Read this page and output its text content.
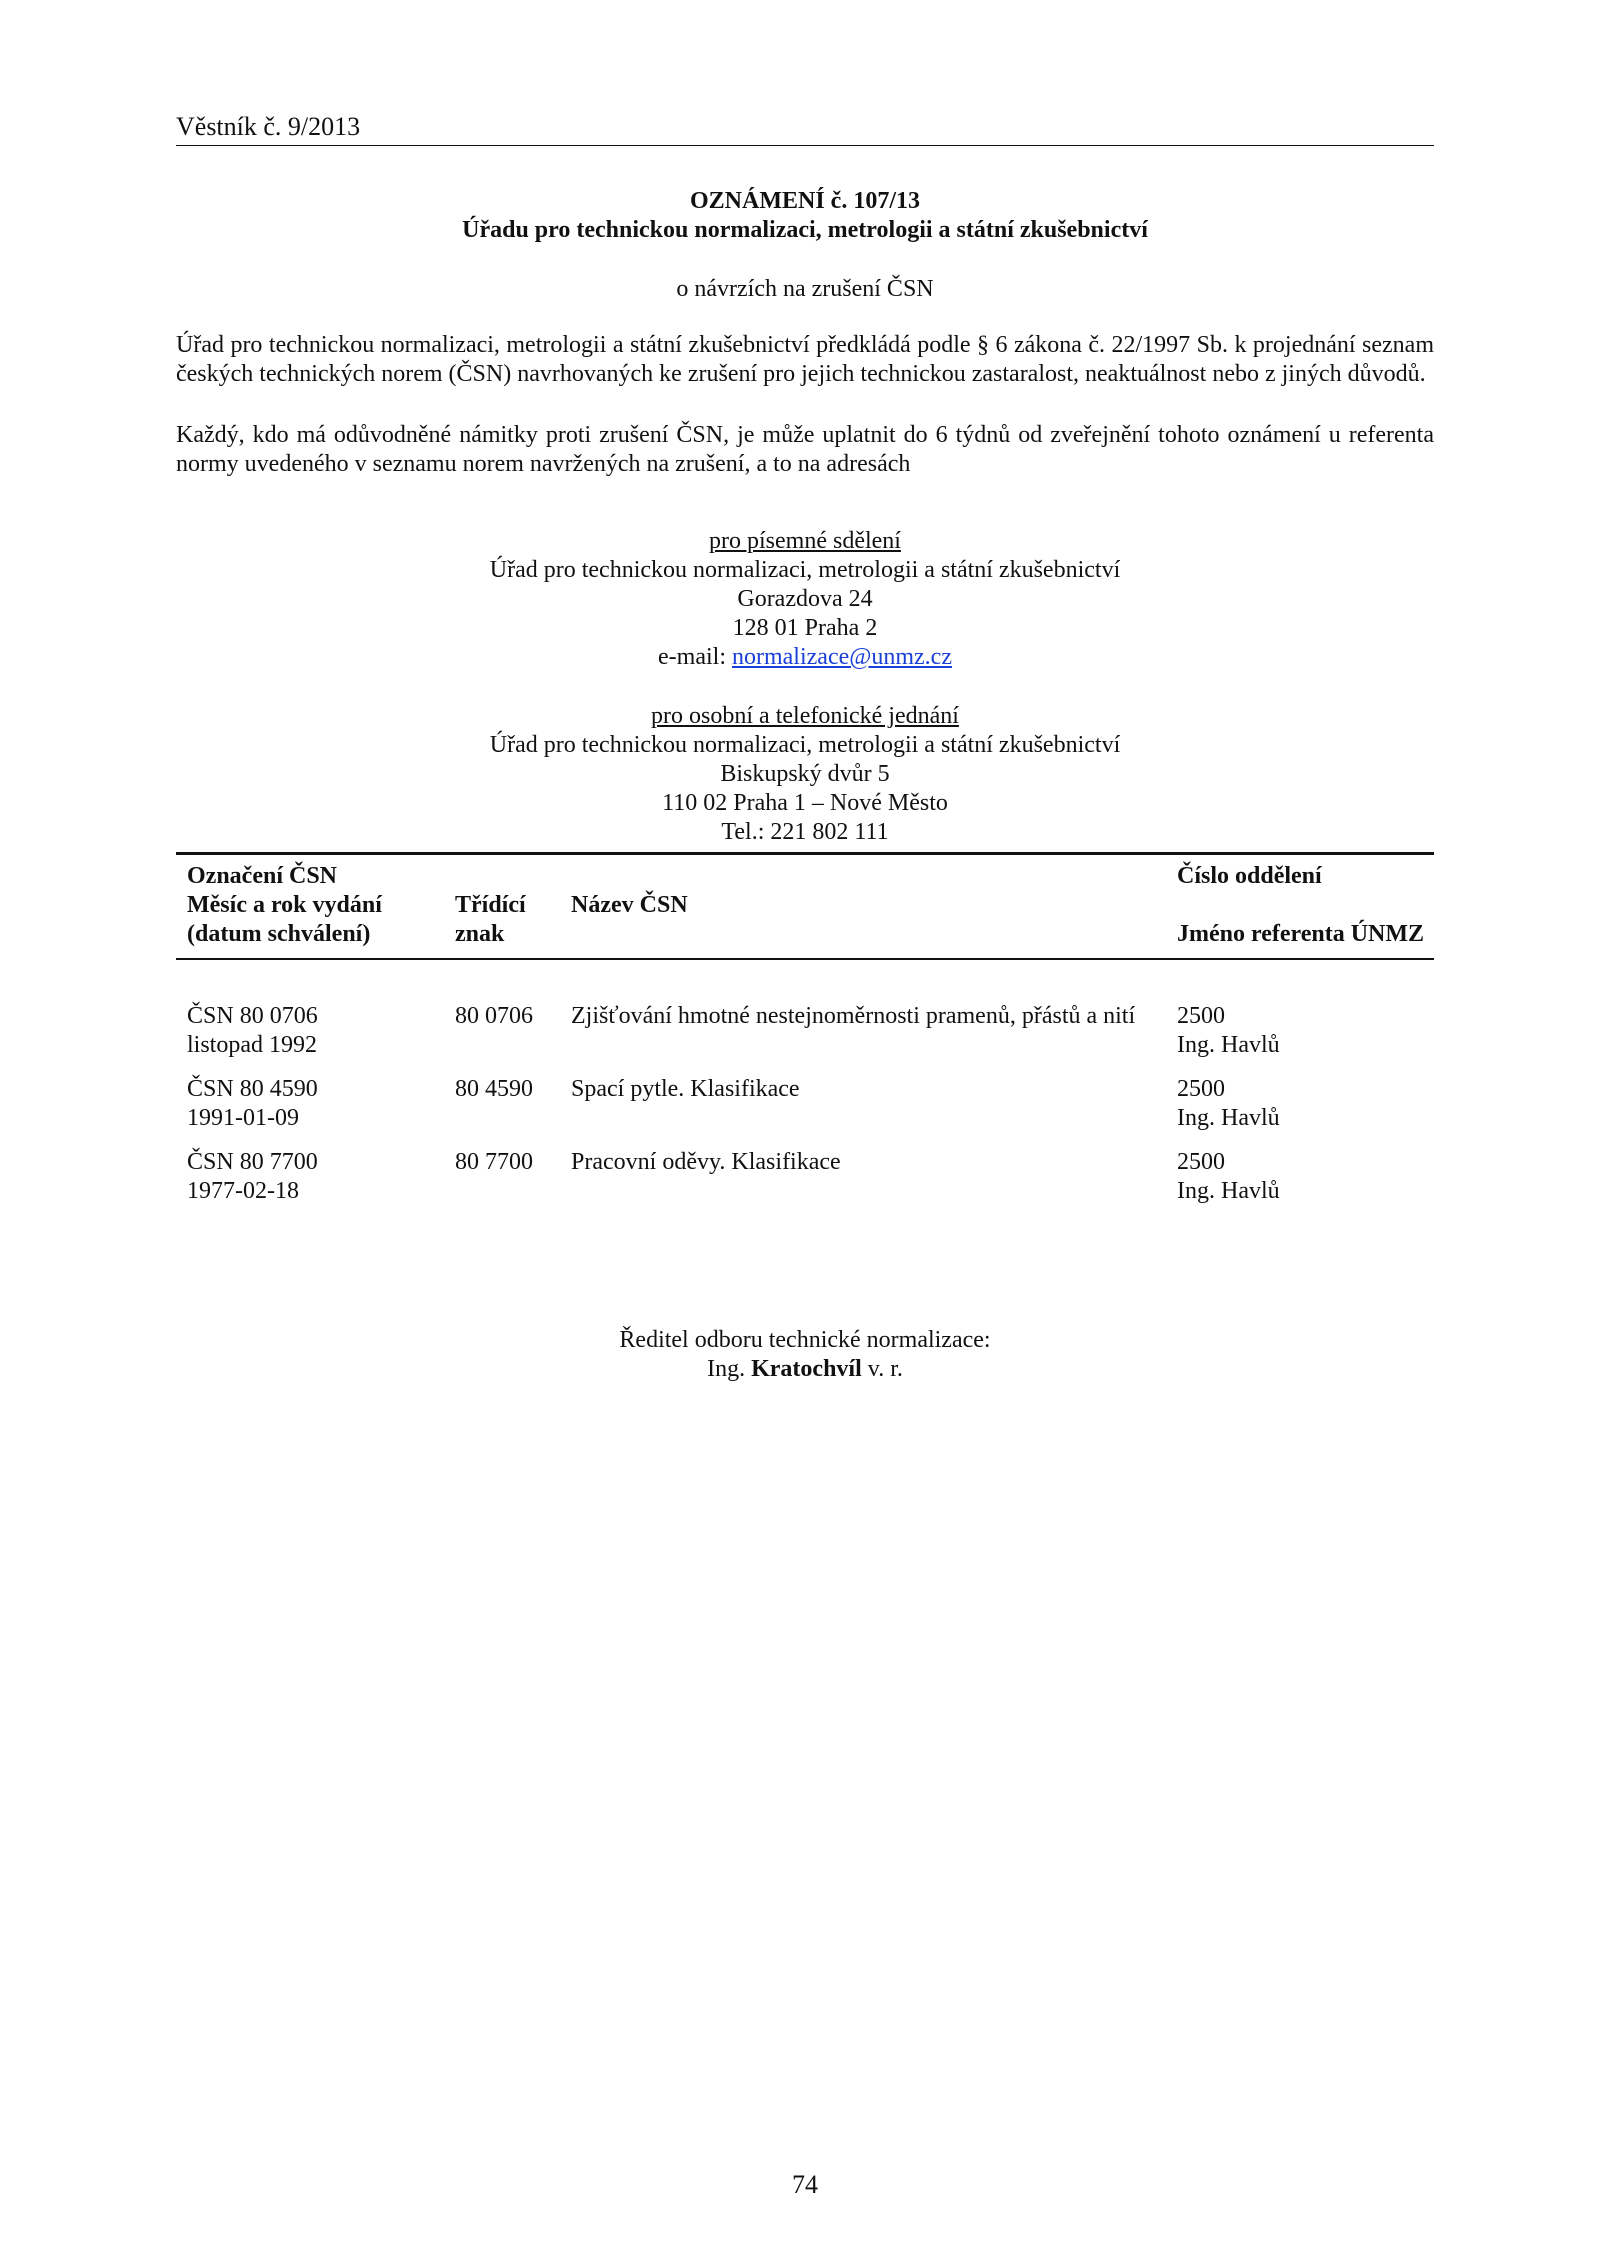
Věstník č. 9/2013
OZNÁMENÍ č. 107/13
Úřadu pro technickou normalizaci, metrologii a státní zkušebnictví
o návrzích na zrušení ČSN

Úřad pro technickou normalizaci, metrologii a státní zkušebnictví předkládá podle § 6 zákona č. 22/1997 Sb. k projednání seznam českých technických norem (ČSN) navrhovaných ke zrušení pro jejich technickou zastaralost, neaktuálnost nebo z jiných důvodů.

Každý, kdo má odůvodněné námitky proti zrušení ČSN, je může uplatnit do 6 týdnů od zveřejnění tohoto oznámení u referenta normy uvedeného v seznamu norem navržených na zrušení, a to na adresách

pro písemné sdělení
Úřad pro technickou normalizaci, metrologii a státní zkušebnictví
Gorazdova 24
128 01 Praha 2
e-mail: normalizace@unmz.cz
pro osobní a telefonické jednání
Úřad pro technickou normalizaci, metrologii a státní zkušebnictví
Biskupský dvůr 5
110 02 Praha 1 – Nové Město
Tel.: 221 802 111
Označení ČSN
Měsíc a rok vydání
(datum schválení)
Třídící
znak
Název ČSN
Číslo oddělení
Jméno referenta ÚNMZ
ČSN 80 0706
listopad 1992
80 0706 Zjišťování hmotné nestejnoměrnosti pramenů, přástů a nití 2500
Ing. Havlů
ČSN 80 4590
1991-01-09
80 4590 Spací pytle. Klasifikace	2500
Ing. Havlů
ČSN 80 7700
1977-02-18
80 7700 Pracovní oděvy. Klasifikace	2500
Ing. Havlů
Ředitel odboru technické normalizace:
Ing. Kratochvíl v. r.
74
